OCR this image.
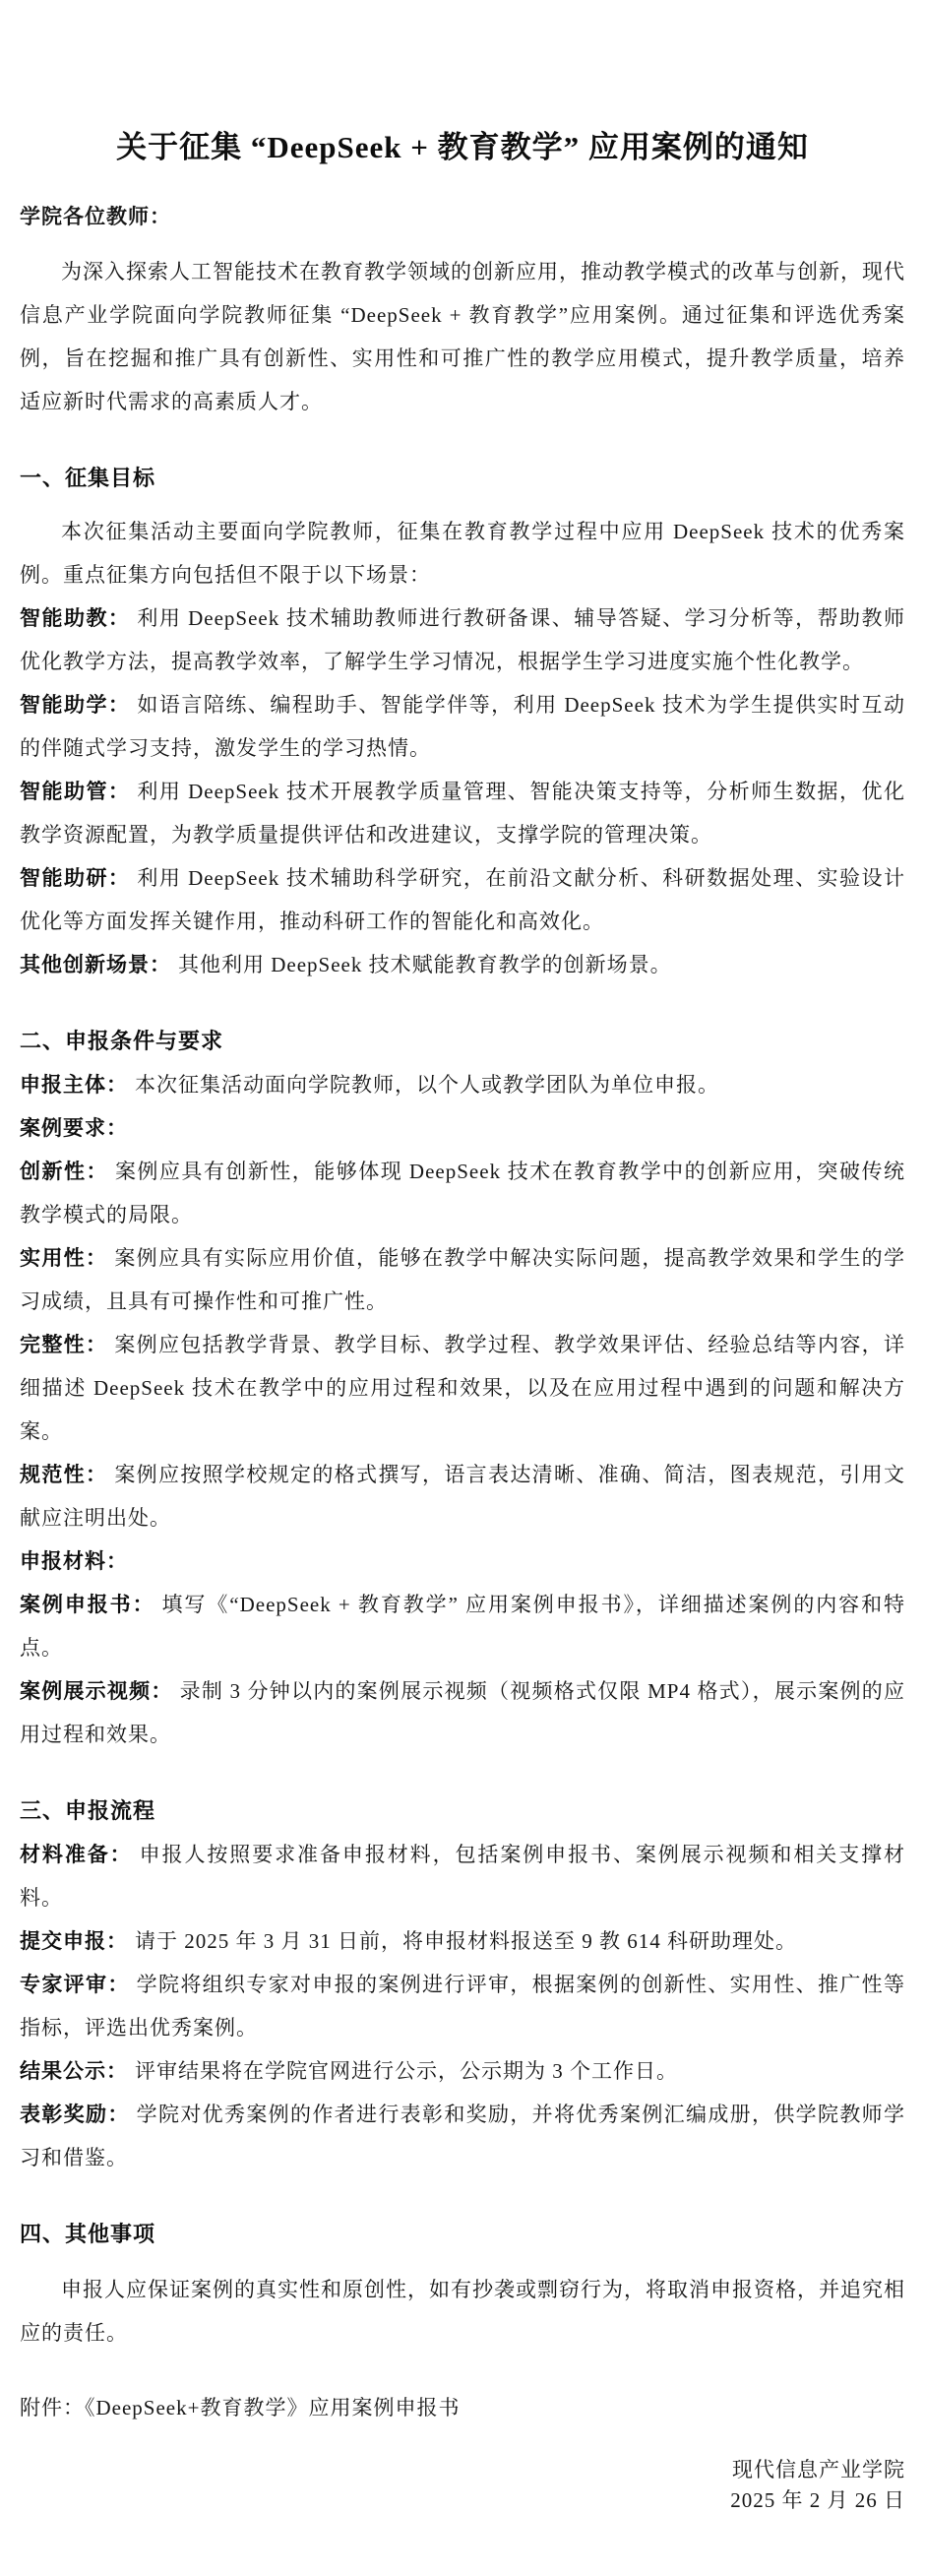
关于征集 “DeepSeek + 教育教学” 应用案例的通知

学院各位教师：

为深入探索人工智能技术在教育教学领域的创新应用，推动教学模式的改革与创新，现代信息产业学院面向学院教师征集 “DeepSeek + 教育教学”应用案例。通过征集和评选优秀案例，旨在挖掘和推广具有创新性、实用性和可推广性的教学应用模式，提升教学质量，培养适应新时代需求的高素质人才。

一、征集目标

本次征集活动主要面向学院教师，征集在教育教学过程中应用 DeepSeek 技术的优秀案例。重点征集方向包括但不限于以下场景：

智能助教： 利用 DeepSeek 技术辅助教师进行教研备课、辅导答疑、学习分析等，帮助教师优化教学方法，提高教学效率，了解学生学习情况，根据学生学习进度实施个性化教学。

智能助学： 如语言陪练、编程助手、智能学伴等，利用 DeepSeek 技术为学生提供实时互动的伴随式学习支持，激发学生的学习热情。

智能助管： 利用 DeepSeek 技术开展教学质量管理、智能决策支持等，分析师生数据，优化教学资源配置，为教学质量提供评估和改进建议，支撑学院的管理决策。

智能助研： 利用 DeepSeek 技术辅助科学研究，在前沿文献分析、科研数据处理、实验设计优化等方面发挥关键作用，推动科研工作的智能化和高效化。

其他创新场景： 其他利用 DeepSeek 技术赋能教育教学的创新场景。

二、申报条件与要求

申报主体： 本次征集活动面向学院教师，以个人或教学团队为单位申报。

案例要求：

创新性： 案例应具有创新性，能够体现 DeepSeek 技术在教育教学中的创新应用，突破传统教学模式的局限。

实用性： 案例应具有实际应用价值，能够在教学中解决实际问题，提高教学效果和学生的学习成绩，且具有可操作性和可推广性。

完整性： 案例应包括教学背景、教学目标、教学过程、教学效果评估、经验总结等内容，详细描述 DeepSeek 技术在教学中的应用过程和效果，以及在应用过程中遇到的问题和解决方案。

规范性： 案例应按照学校规定的格式撰写，语言表达清晰、准确、简洁，图表规范，引用文献应注明出处。

申报材料：

案例申报书： 填写《“DeepSeek + 教育教学” 应用案例申报书》，详细描述案例的内容和特点。

案例展示视频： 录制 3 分钟以内的案例展示视频（视频格式仅限 MP4 格式），展示案例的应用过程和效果。

三、申报流程

材料准备： 申报人按照要求准备申报材料，包括案例申报书、案例展示视频和相关支撑材料。

提交申报： 请于 2025 年 3 月 31 日前，将申报材料报送至 9 教 614 科研助理处。

专家评审： 学院将组织专家对申报的案例进行评审，根据案例的创新性、实用性、推广性等指标，评选出优秀案例。

结果公示： 评审结果将在学院官网进行公示，公示期为 3 个工作日。

表彰奖励： 学院对优秀案例的作者进行表彰和奖励，并将优秀案例汇编成册，供学院教师学习和借鉴。

四、其他事项

申报人应保证案例的真实性和原创性，如有抄袭或剽窃行为，将取消申报资格，并追究相应的责任。

附件：《DeepSeek+教育教学》应用案例申报书

现代信息产业学院

2025 年 2 月 26 日
